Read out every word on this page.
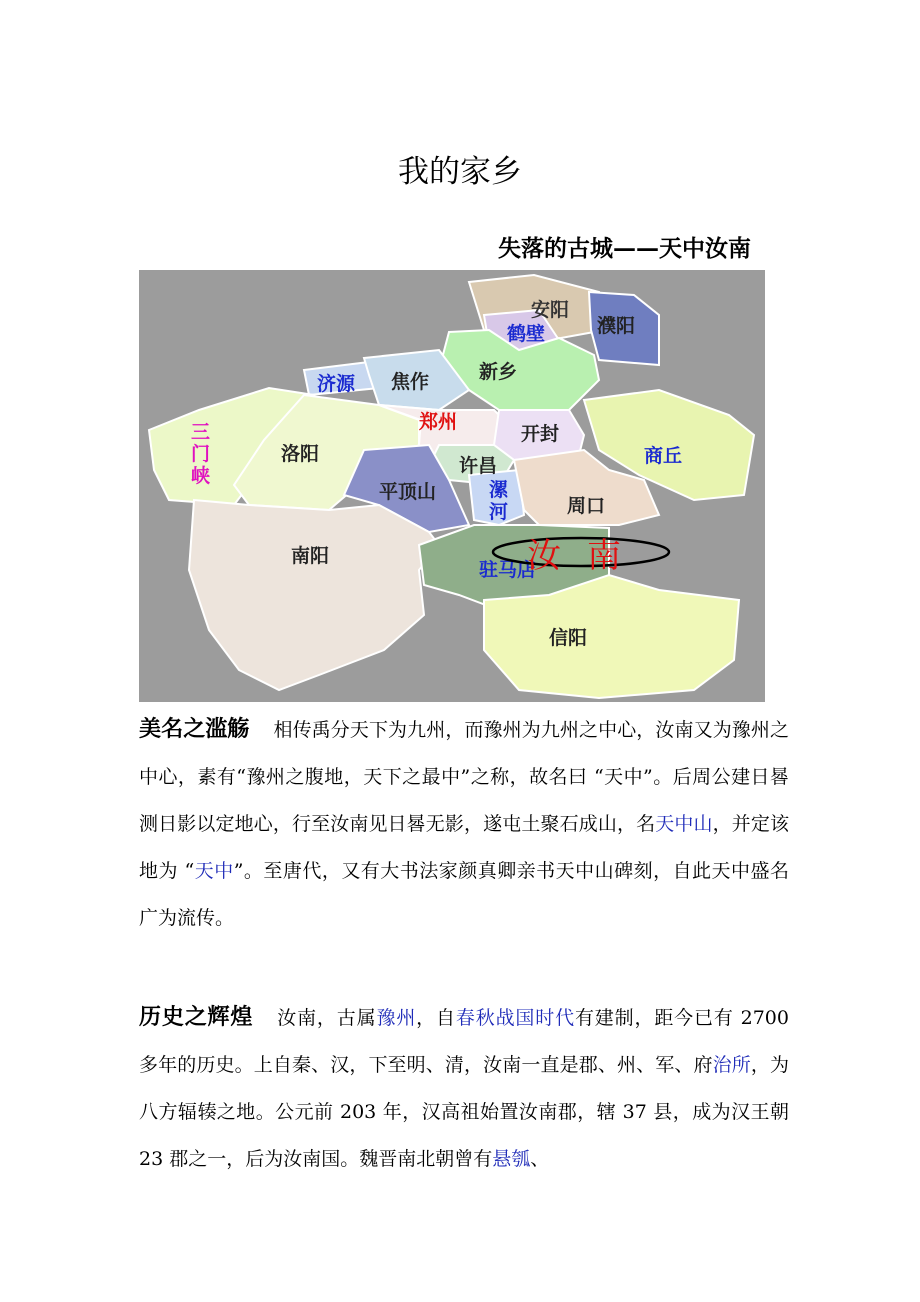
我的家乡
失落的古城——天中汝南
安阳
鹤壁	濮阳
新乡
济源 焦作
郑州
开封
商丘
三
门
峡
洛阳
许昌
平顶山	漯
河	周口
南阳
驻马店
信阳
汝 南

美名之滥觞 相传禹分天下为九州，而豫州为九州之中心，汝南又为豫州之中心，素有“豫州之腹地，天下之最中”之称，故名曰 “天中”。后周公建日晷测日影以定地心，行至汝南见日晷无影，遂屯土聚石成山，名天中山，并定该地为 “天中”。至唐代，又有大书法家颜真卿亲书天中山碑刻，自此天中盛名广为流传。

历史之辉煌 汝南，古属豫州，自春秋战国时代有建制，距今已有 2700 多年的历史。上自秦、汉，下至明、清，汝南一直是郡、州、军、府治所，为八方辐辏之地。公元前 203 年，汉高祖始置汝南郡，辖 37 县，成为汉王朝 23 郡之一，后为汝南国。魏晋南北朝曾有悬瓠、
